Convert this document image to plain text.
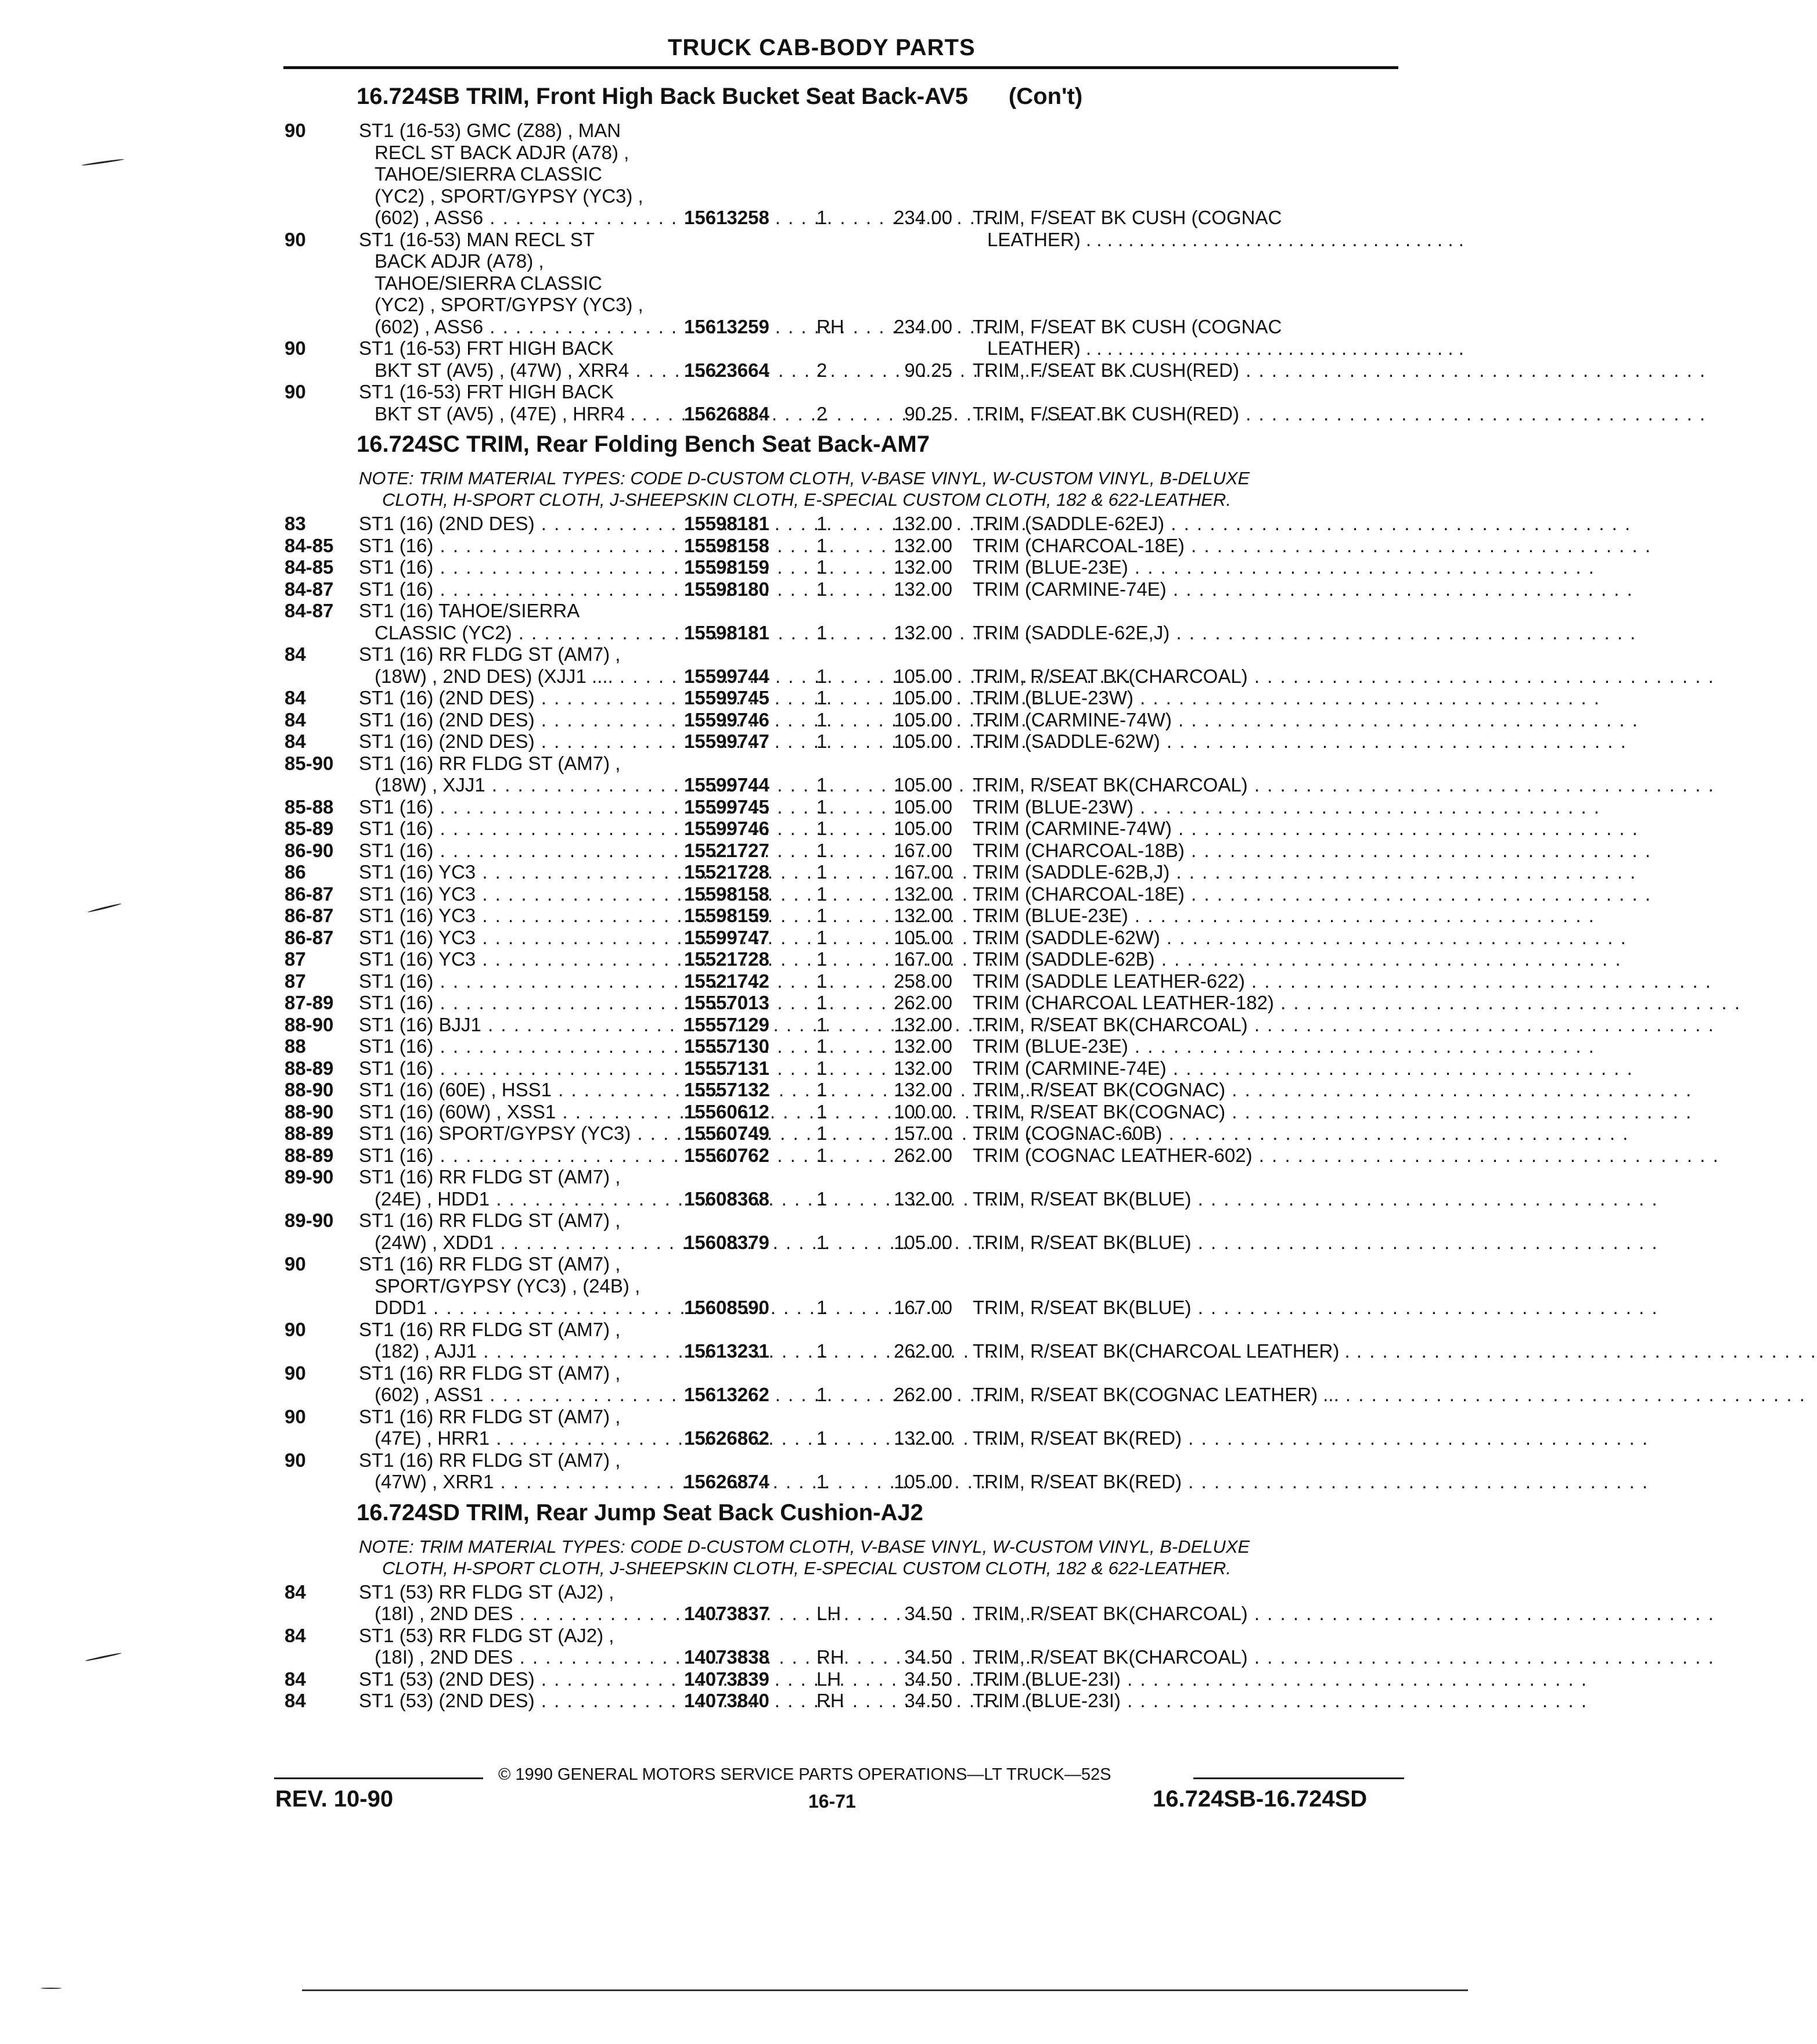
TRUCK CAB-BODY PARTS
16.724SB TRIM, Front High Back Bucket Seat Back-AV5 (Con't)
90	ST1 (16-53) GMC (Z88) , MAN
RECL ST BACK ADJR (A78) ,
TAHOE/SIERRA CLASSIC
(YC2) , SPORT/GYPSY (YC3) ,
(602) , ASS6 . . .	15613258 1	234.00 TRIM, F/SEAT BK CUSH (COGNAC
LEATHER) . . . . . . . . . . . . . . . . . . . . . . . . . . . . . . . . . . . .
90	ST1 (16-53) MAN RECL ST
BACK ADJR (A78) ,
TAHOE/SIERRA CLASSIC
(YC2) , SPORT/GYPSY (YC3) ,
(602) , ASS6 . . .	15613259 RH	234.00 TRIM, F/SEAT BK CUSH (COGNAC
LEATHER) . . . . . . . . . . . . . . . . . . . . . . . . . . . . . . . . . . . .
90	ST1 (16-53) FRT HIGH BACK
BKT ST (AV5) , (47W) , XRR4 . . .	15623664 2	90.25 TRIM, F/SEAT BK CUSH(RED) . . . . . . . . . . . . . . . . . . . . . . . . . . . . . . . . . . . .
90	ST1 (16-53) FRT HIGH BACK
BKT ST (AV5) , (47E) , HRR4 . . . .	15626884 2	90.25 TRIM, F/SEAT BK CUSH(RED) . . . . . . . . . . . . . . . . . . . . . . . . . . . . . . . . . . . .
16.724SC TRIM, Rear Folding Bench Seat Back-AM7
NOTE: TRIM MATERIAL TYPES: CODE D-CUSTOM CLOTH, V-BASE VINYL, W-CUSTOM VINYL, B-DELUXE
CLOTH, H-SPORT CLOTH, J-SHEEPSKIN CLOTH, E-SPECIAL CUSTOM CLOTH, 182 & 622-LEATHER.
83	ST1 (16) (2ND DES) . . .	15598181 1	132.00 TRIM (SADDLE-62EJ) . . . . . . . . . . . . . . . . . . . . . . . . . . . . . . . . . . . .
84-85 ST1 (16) . . .	15598158 1	132.00 TRIM (CHARCOAL-18E) . . . . . . . . . . . . . . . . . . . . . . . . . . . . . . . . . . . .
84-85 ST1 (16) . . .	15598159 1	132.00 TRIM (BLUE-23E) . . . . . . . . . . . . . . . . . . . . . . . . . . . . . . . . . . . .
84-87 ST1 (16) . . .	15598180 1	132.00 TRIM (CARMINE-74E) . . . . . . . . . . . . . . . . . . . . . . . . . . . . . . . . . . . .
84-87 ST1 (16) TAHOE/SIERRA
CLASSIC (YC2) . . .	15598181 1	132.00 TRIM (SADDLE-62E,J) . . . . . . . . . . . . . . . . . . . . . . . . . . . . . . . . . . . .
84	ST1 (16) RR FLDG ST (AM7) ,
(18W) , 2ND DES) (XJJ1 .... . . .	15599744 1	105.00 TRIM, R/SEAT BK(CHARCOAL) . . . . . . . . . . . . . . . . . . . . . . . . . . . . . . . . . . . .
84	ST1 (16) (2ND DES) . . .	15599745 1	105.00 TRIM (BLUE-23W) . . . . . . . . . . . . . . . . . . . . . . . . . . . . . . . . . . . .
84	ST1 (16) (2ND DES) . . .	15599746 1	105.00 TRIM (CARMINE-74W) . . . . . . . . . . . . . . . . . . . . . . . . . . . . . . . . . . . .
84	ST1 (16) (2ND DES) . . .	15599747 1	105.00 TRIM (SADDLE-62W) . . . . . . . . . . . . . . . . . . . . . . . . . . . . . . . . . . . .
85-90 ST1 (16) RR FLDG ST (AM7) ,
(18W) , XJJ1 . . .	15599744 1	105.00 TRIM, R/SEAT BK(CHARCOAL) . . . . . . . . . . . . . . . . . . . . . . . . . . . . . . . . . . . .
85-88 ST1 (16) . . .	15599745 1	105.00 TRIM (BLUE-23W) . . . . . . . . . . . . . . . . . . . . . . . . . . . . . . . . . . . .
85-89 ST1 (16) . . .	15599746 1	105.00 TRIM (CARMINE-74W) . . . . . . . . . . . . . . . . . . . . . . . . . . . . . . . . . . . .
86-90 ST1 (16) . . .	15521727 1	167.00 TRIM (CHARCOAL-18B) . . . . . . . . . . . . . . . . . . . . . . . . . . . . . . . . . . . .
86	ST1 (16) YC3 . . .	15521728 1	167.00 TRIM (SADDLE-62B,J) . . . . . . . . . . . . . . . . . . . . . . . . . . . . . . . . . . . .
86-87 ST1 (16) YC3 . . .	15598158 1	132.00 TRIM (CHARCOAL-18E) . . . . . . . . . . . . . . . . . . . . . . . . . . . . . . . . . . . .
86-87 ST1 (16) YC3 . . .	15598159 1	132.00 TRIM (BLUE-23E) . . . . . . . . . . . . . . . . . . . . . . . . . . . . . . . . . . . .
86-87 ST1 (16) YC3 . . .	15599747 1	105.00 TRIM (SADDLE-62W) . . . . . . . . . . . . . . . . . . . . . . . . . . . . . . . . . . . .
87	ST1 (16) YC3 . . .	15521728 1	167.00 TRIM (SADDLE-62B) . . . . . . . . . . . . . . . . . . . . . . . . . . . . . . . . . . . .
87	ST1 (16) . . .	15521742 1	258.00 TRIM (SADDLE LEATHER-622) . . . . . . . . . . . . . . . . . . . . . . . . . . . . . . . . . . . .
87-89 ST1 (16) . . .	15557013 1	262.00 TRIM (CHARCOAL LEATHER-182) . . . . . . . . . . . . . . . . . . . . . . . . . . . . . . . . . . . .
88-90 ST1 (16) BJJ1 . . .	15557129 1	132.00 TRIM, R/SEAT BK(CHARCOAL) . . . . . . . . . . . . . . . . . . . . . . . . . . . . . . . . . . . .
88	ST1 (16) . . .	15557130 1	132.00 TRIM (BLUE-23E) . . . . . . . . . . . . . . . . . . . . . . . . . . . . . . . . . . . .
88-89 ST1 (16) . . .	15557131 1	132.00 TRIM (CARMINE-74E) . . . . . . . . . . . . . . . . . . . . . . . . . . . . . . . . . . . .
88-90 ST1 (16) (60E) , HSS1 . . .	15557132 1	132.00 TRIM, R/SEAT BK(COGNAC) . . . . . . . . . . . . . . . . . . . . . . . . . . . . . . . . . . . .
88-90 ST1 (16) (60W) , XSS1 . . .	15560612 1	100.00 TRIM, R/SEAT BK(COGNAC) . . . . . . . . . . . . . . . . . . . . . . . . . . . . . . . . . . . .
88-89 ST1 (16) SPORT/GYPSY (YC3) . . .	15560749 1	157.00 TRIM (COGNAC-60B) . . . . . . . . . . . . . . . . . . . . . . . . . . . . . . . . . . . .
88-89 ST1 (16) . . .	15560762 1	262.00 TRIM (COGNAC LEATHER-602) . . . . . . . . . . . . . . . . . . . . . . . . . . . . . . . . . . . .
89-90 ST1 (16) RR FLDG ST (AM7) ,
(24E) , HDD1 . . .	15608368 1	132.00 TRIM, R/SEAT BK(BLUE) . . . . . . . . . . . . . . . . . . . . . . . . . . . . . . . . . . . .
89-90 ST1 (16) RR FLDG ST (AM7) ,
(24W) , XDD1 . . .	15608379 1	105.00 TRIM, R/SEAT BK(BLUE) . . . . . . . . . . . . . . . . . . . . . . . . . . . . . . . . . . . .
90	ST1 (16) RR FLDG ST (AM7) ,
SPORT/GYPSY (YC3) , (24B) ,
DDD1 . . .	15608590 1	167.00 TRIM, R/SEAT BK(BLUE) . . . . . . . . . . . . . . . . . . . . . . . . . . . . . . . . . . . .
90	ST1 (16) RR FLDG ST (AM7) ,
(182) , AJJ1 . . .	15613231 1	262.00 TRIM, R/SEAT BK(CHARCOAL LEATHER) . . . . . . . . . . . . . . . . . . . . . . . . . . . . . . . . . . . . .
90	ST1 (16) RR FLDG ST (AM7) ,
(602) , ASS1 . . .	15613262 1	262.00 TRIM, R/SEAT BK(COGNAC LEATHER) ... . . . . . . . . . . . . . . . . . . . . . . . . . . . . . . . . . . . .
90	ST1 (16) RR FLDG ST (AM7) ,
(47E) , HRR1 . . .	15626862 1	132.00 TRIM, R/SEAT BK(RED) . . . . . . . . . . . . . . . . . . . . . . . . . . . . . . . . . . . .
90	ST1 (16) RR FLDG ST (AM7) ,
(47W) , XRR1 . . .	15626874 1	105.00 TRIM, R/SEAT BK(RED) . . . . . . . . . . . . . . . . . . . . . . . . . . . . . . . . . . . .
16.724SD TRIM, Rear Jump Seat Back Cushion-AJ2
NOTE: TRIM MATERIAL TYPES: CODE D-CUSTOM CLOTH, V-BASE VINYL, W-CUSTOM VINYL, B-DELUXE
CLOTH, H-SPORT CLOTH, J-SHEEPSKIN CLOTH, E-SPECIAL CUSTOM CLOTH, 182 & 622-LEATHER.
84	ST1 (53) RR FLDG ST (AJ2) ,
(18I) , 2ND DES . . .	14073837 LH	34.50 TRIM, R/SEAT BK(CHARCOAL) . . . . . . . . . . . . . . . . . . . . . . . . . . . . . . . . . . . .
84	ST1 (53) RR FLDG ST (AJ2) ,
(18I) , 2ND DES . . .	14073838 RH	34.50 TRIM, R/SEAT BK(CHARCOAL) . . . . . . . . . . . . . . . . . . . . . . . . . . . . . . . . . . . .
84	ST1 (53) (2ND DES) . . .	14073839 LH	34.50 TRIM (BLUE-23I) . . . . . . . . . . . . . . . . . . . . . . . . . . . . . . . . . . . .
84	ST1 (53) (2ND DES) . . .	14073840 RH	34.50 TRIM (BLUE-23I) . . . . . . . . . . . . . . . . . . . . . . . . . . . . . . . . . . . .
© 1990 GENERAL MOTORS SERVICE PARTS OPERATIONS—LT TRUCK—52S
REV. 10-90	16-71	16.724SB-16.724SD
